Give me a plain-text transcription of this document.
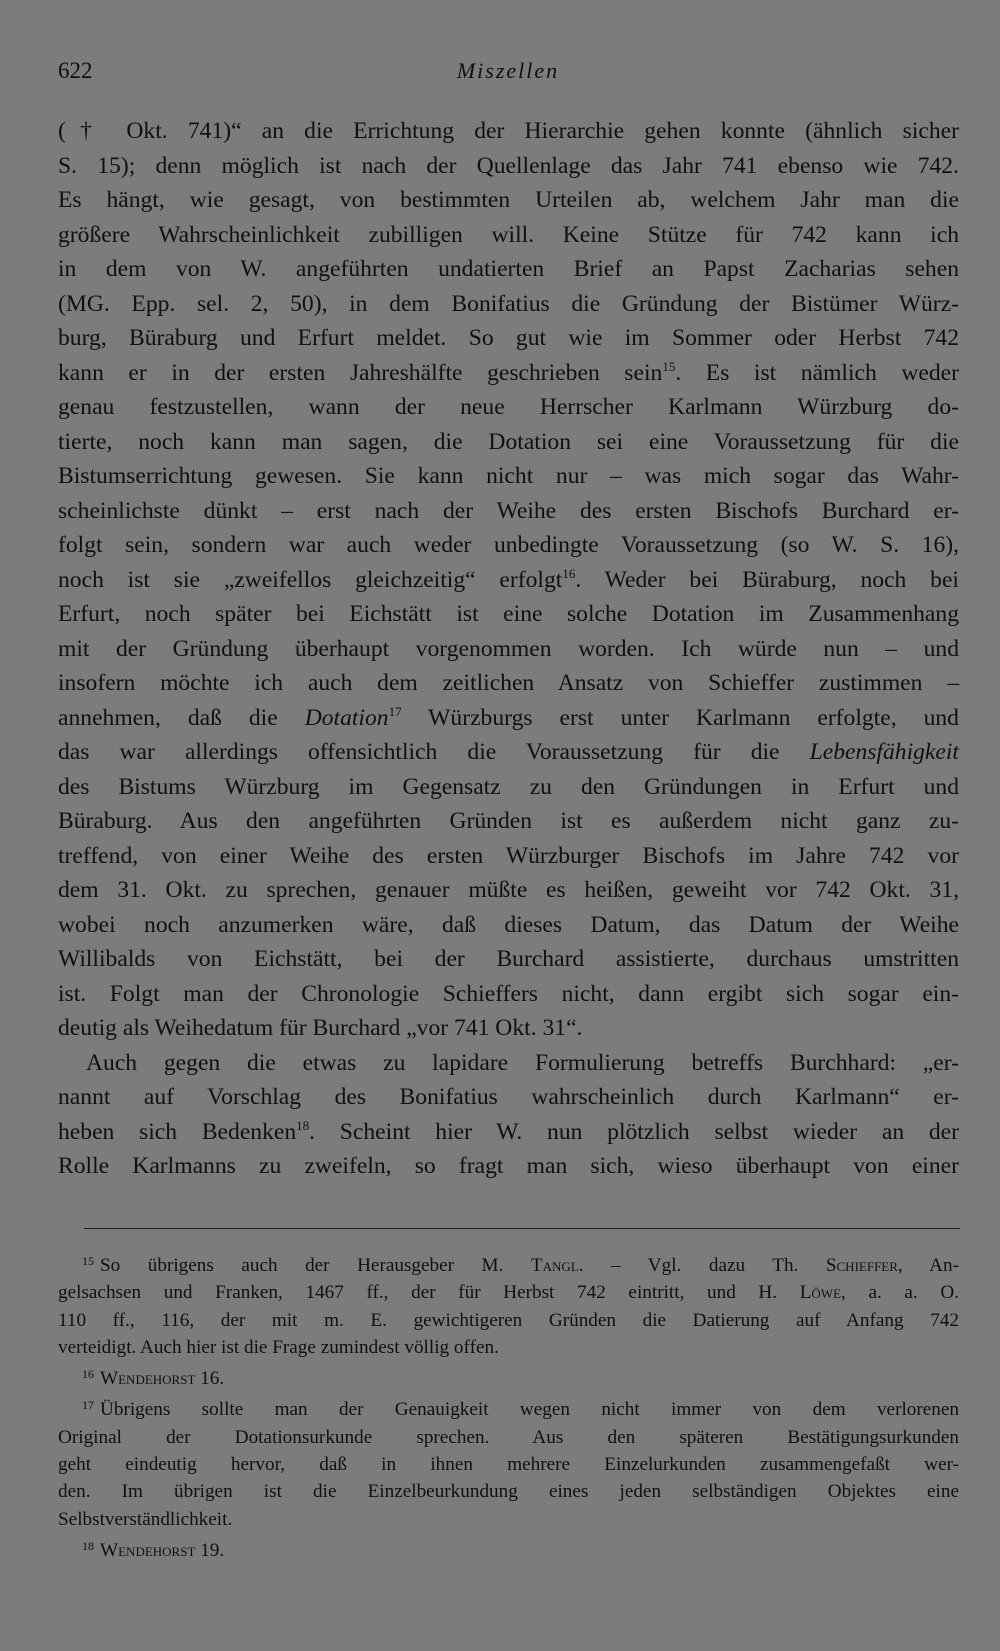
622	Miszellen

(† Okt. 741)“ an die Errichtung der Hierarchie gehen konnte (ähnlich sicher
S. 15); denn möglich ist nach der Quellenlage das Jahr 741 ebenso wie 742.
Es hängt, wie gesagt, von bestimmten Urteilen ab, welchem Jahr man die
größere Wahrscheinlichkeit zubilligen will. Keine Stütze für 742 kann ich
in dem von W. angeführten undatierten Brief an Papst Zacharias sehen
(MG. Epp. sel. 2, 50), in dem Bonifatius die Gründung der Bistümer Würz-
burg, Büraburg und Erfurt meldet. So gut wie im Sommer oder Herbst 742
kann er in der ersten Jahreshälfte geschrieben sein$^{15}$. Es ist nämlich weder
genau festzustellen, wann der neue Herrscher Karlmann Würzburg do-
tierte, noch kann man sagen, die Dotation sei eine Voraussetzung für die
Bistumserrichtung gewesen. Sie kann nicht nur – was mich sogar das Wahr-
scheinlichste dünkt – erst nach der Weihe des ersten Bischofs Burchard er-
folgt sein, sondern war auch weder unbedingte Voraussetzung (so W. S. 16),
noch ist sie „zweifellos gleichzeitig“ erfolgt$^{16}$. Weder bei Büraburg, noch bei
Erfurt, noch später bei Eichstätt ist eine solche Dotation im Zusammenhang
mit der Gründung überhaupt vorgenommen worden. Ich würde nun – und
insofern möchte ich auch dem zeitlichen Ansatz von Schieffer zustimmen –
annehmen, daß die Dotation$^{17}$ Würzburgs erst unter Karlmann erfolgte, und
das war allerdings offensichtlich die Voraussetzung für die Lebensfähigkeit
des Bistums Würzburg im Gegensatz zu den Gründungen in Erfurt und
Büraburg. Aus den angeführten Gründen ist es außerdem nicht ganz zu-
treffend, von einer Weihe des ersten Würzburger Bischofs im Jahre 742 vor
dem 31. Okt. zu sprechen, genauer müßte es heißen, geweiht vor 742 Okt. 31,
wobei noch anzumerken wäre, daß dieses Datum, das Datum der Weihe
Willibalds von Eichstätt, bei der Burchard assistierte, durchaus umstritten
ist. Folgt man der Chronologie Schieffers nicht, dann ergibt sich sogar ein-
deutig als Weihedatum für Burchard „vor 741 Okt. 31“.

Auch gegen die etwas zu lapidare Formulierung betreffs Burchhard: „er-
nannt auf Vorschlag des Bonifatius wahrscheinlich durch Karlmann“ er-
heben sich Bedenken$^{18}$. Scheint hier W. nun plötzlich selbst wieder an der
Rolle Karlmanns zu zweifeln, so fragt man sich, wieso überhaupt von einer

$^{15}$ So übrigens auch der Herausgeber M. Tangl. – Vgl. dazu Th. Schieffer, An-
gelsachsen und Franken, 1467 ff., der für Herbst 742 eintritt, und H. Löwe, a. a. O.
110 ff., 116, der mit m. E. gewichtigeren Gründen die Datierung auf Anfang 742
verteidigt. Auch hier ist die Frage zumindest völlig offen.
$^{16}$ Wendehorst 16.
$^{17}$ Übrigens sollte man der Genauigkeit wegen nicht immer von dem verlorenen
Original der Dotationsurkunde sprechen. Aus den späteren Bestätigungsurkunden
geht eindeutig hervor, daß in ihnen mehrere Einzelurkunden zusammengefaßt wer-
den. Im übrigen ist die Einzelbeurkundung eines jeden selbständigen Objektes eine
Selbstverständlichkeit.
$^{18}$ Wendehorst 19.
